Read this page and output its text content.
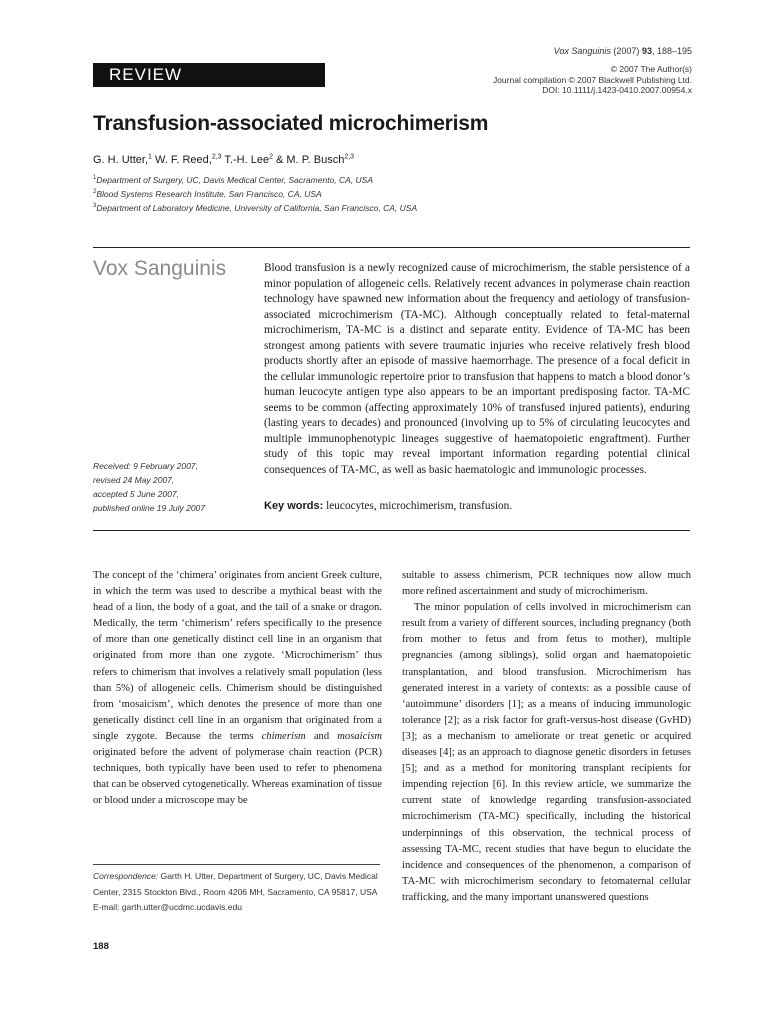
Vox Sanguinis (2007) 93, 188–195
© 2007 The Author(s)
Journal compilation © 2007 Blackwell Publishing Ltd.
DOI: 10.1111/j.1423-0410.2007.00954.x
REVIEW
Transfusion-associated microchimerism
G. H. Utter,$^1$ W. F. Reed,$^{2,3}$ T.-H. Lee$^2$ & M. P. Busch$^{2,3}$
$^1$Department of Surgery, UC, Davis Medical Center, Sacramento, CA, USA
$^2$Blood Systems Research Institute, San Francisco, CA, USA
$^3$Department of Laboratory Medicine, University of California, San Francisco, CA, USA
Vox Sanguinis
Received: 9 February 2007,
revised 24 May 2007,
accepted 5 June 2007,
published online 19 July 2007
Blood transfusion is a newly recognized cause of microchimerism, the stable persistence of a minor population of allogeneic cells. Relatively recent advances in polymerase chain reaction technology have spawned new information about the frequency and aetiology of transfusion-associated microchimerism (TA-MC). Although conceptually related to fetal-maternal microchimerism, TA-MC is a distinct and separate entity. Evidence of TA-MC has been strongest among patients with severe traumatic injuries who receive relatively fresh blood products shortly after an episode of massive haemorrhage. The presence of a focal deficit in the cellular immunologic repertoire prior to transfusion that happens to match a blood donor’s human leucocyte antigen type also appears to be an important predisposing factor. TA-MC seems to be common (affecting approximately 10% of transfused injured patients), enduring (lasting years to decades) and pronounced (involving up to 5% of circulating leucocytes and multiple immunophenotypic lineages suggestive of haematopoietic engraftment). Further study of this topic may reveal important information regarding potential clinical consequences of TA-MC, as well as basic haematologic and immunologic processes.
Key words: leucocytes, microchimerism, transfusion.

The concept of the ‘chimera’ originates from ancient Greek culture, in which the term was used to describe a mythical beast with the head of a lion, the body of a goat, and the tail of a snake or dragon. Medically, the term ‘chimerism’ refers specifically to the presence of more than one genetically distinct cell line in an organism that originated from more than one zygote. ‘Microchimerism’ thus refers to chimerism that involves a relatively small population (less than 5%) of allogeneic cells. Chimerism should be distinguished from ‘mosaicism’, which denotes the presence of more than one genetically distinct cell line in an organism that originated from a single zygote. Because the terms chimerism and mosaicism originated before the advent of polymerase chain reaction (PCR) techniques, both typically have been used to refer to phenomena that can be observed cytogenetically. Whereas examination of tissue or blood under a microscope may be

suitable to assess chimerism, PCR techniques now allow much more refined ascertainment and study of microchimerism.

The minor population of cells involved in microchimerism can result from a variety of different sources, including pregnancy (both from mother to fetus and from fetus to mother), multiple pregnancies (among siblings), solid organ and haematopoietic transplantation, and blood transfusion. Microchimerism has generated interest in a variety of contexts: as a possible cause of ‘autoimmune’ disorders [1]; as a means of inducing immunologic tolerance [2]; as a risk factor for graft-versus-host disease (GvHD) [3]; as a mechanism to ameliorate or treat genetic or acquired diseases [4]; as an approach to diagnose genetic disorders in fetuses [5]; and as a method for monitoring transplant recipients for impending rejection [6]. In this review article, we summarize the current state of knowledge regarding transfusion-associated microchimerism (TA-MC) specifically, including the historical underpinnings of this observation, the technical process of assessing TA-MC, recent studies that have begun to elucidate the incidence and consequences of the phenomenon, a comparison of TA-MC with microchimerism secondary to fetomaternal cellular trafficking, and the many important unanswered questions

Correspondence: Garth H. Utter, Department of Surgery, UC, Davis Medical Center, 2315 Stockton Blvd., Room 4206 MH, Sacramento, CA 95817, USA
E-mail: garth.utter@ucdmc.ucdavis.edu
188
